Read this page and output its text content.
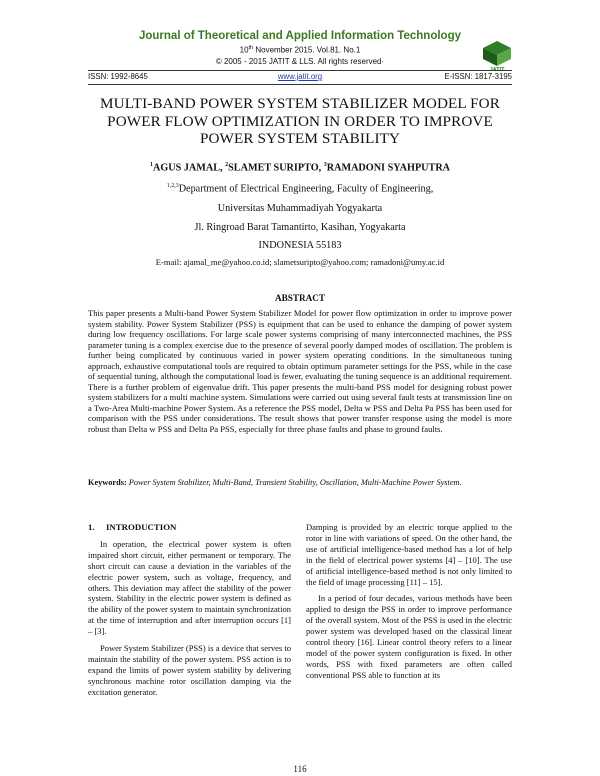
Journal of Theoretical and Applied Information Technology
10th November 2015. Vol.81. No.1
© 2005 - 2015 JATIT & LLS. All rights reserved·
JATIT
ISSN: 1992-8645	www.jatit.org	E-ISSN: 1817-3195
MULTI-BAND POWER SYSTEM STABILIZER MODEL FOR
POWER FLOW OPTIMIZATION IN ORDER TO IMPROVE
POWER SYSTEM STABILITY
$^1$AGUS JAMAL, $^2$SLAMET SURIPTO, $^3$RAMADONI SYAHPUTRA
$^{1,2,3}$Department of Electrical Engineering, Faculty of Engineering,
Universitas Muhammadiyah Yogyakarta
Jl. Ringroad Barat Tamantirto, Kasihan, Yogyakarta
INDONESIA 55183
E-mail: ajamal_me@yahoo.co.id; slametsuripto@yahoo.com; ramadoni@umy.ac.id
ABSTRACT
This paper presents a Multi-band Power System Stabilizer Model for power flow optimization in order to improve power system stability. Power System Stabilizer (PSS) is equipment that can be used to enhance the damping of power system during low frequency oscillations. For large scale power systems comprising of many interconnected machines, the PSS parameter tuning is a complex exercise due to the presence of several poorly damped modes of oscillation. The problem is further being complicated by continuous varied in power system operating conditions. In the simultaneous tuning approach, exhaustive computational tools are required to obtain optimum parameter settings for the PSS, while in the case of sequential tuning, although the computational load is fewer, evaluating the tuning sequence is an additional requirement. There is a further problem of eigenvalue drift. This paper presents the multi-band PSS model for designing robust power system stabilizers for a multi machine system. Simulations were carried out using several fault tests at transmission line on a Two-Area Multi-machine Power System. As a reference the PSS model, Delta w PSS and Delta Pa PSS has been used for comparison with the PSS under considerations. The result shows that power transfer response using the model is more robust than Delta w PSS and Delta Pa PSS, especially for three phase faults and phase to ground faults.
Keywords: Power System Stabilizer, Multi-Band, Transient Stability, Oscillation, Multi-Machine Power System.
1. INTRODUCTION

In operation, the electrical power system is often impaired short circuit, either permanent or temporary. The short circuit can cause a deviation in the variables of the electric power system, such as voltage, frequency, and others. This deviation may affect the stability of the power system. Stability in the electric power system is defined as the ability of the power system to maintain synchronization at the time of interruption and after interruption occurs [1] – [3].

Power System Stabilizer (PSS) is a device that serves to maintain the stability of the power system. PSS action is to expand the limits of power system stability by delivering synchronous machine rotor oscillation damping via the excitation generator.

Damping is provided by an electric torque applied to the rotor in line with variations of speed. On the other hand, the use of artificial intelligence-based method has a lot of help in the field of electrical power systems [4] – [10]. The use of artificial intelligence-based method is not only limited to the field of image processing [11] – 15].

In a period of four decades, various methods have been applied to design the PSS in order to improve performance of the overall system. Most of the PSS is used in the electric power system was developed based on the classical linear control theory [16]. Linear control theory refers to a linear model of the power system configuration is fixed. In other words, PSS with fixed parameters are often called conventional PSS able to function at its

116
